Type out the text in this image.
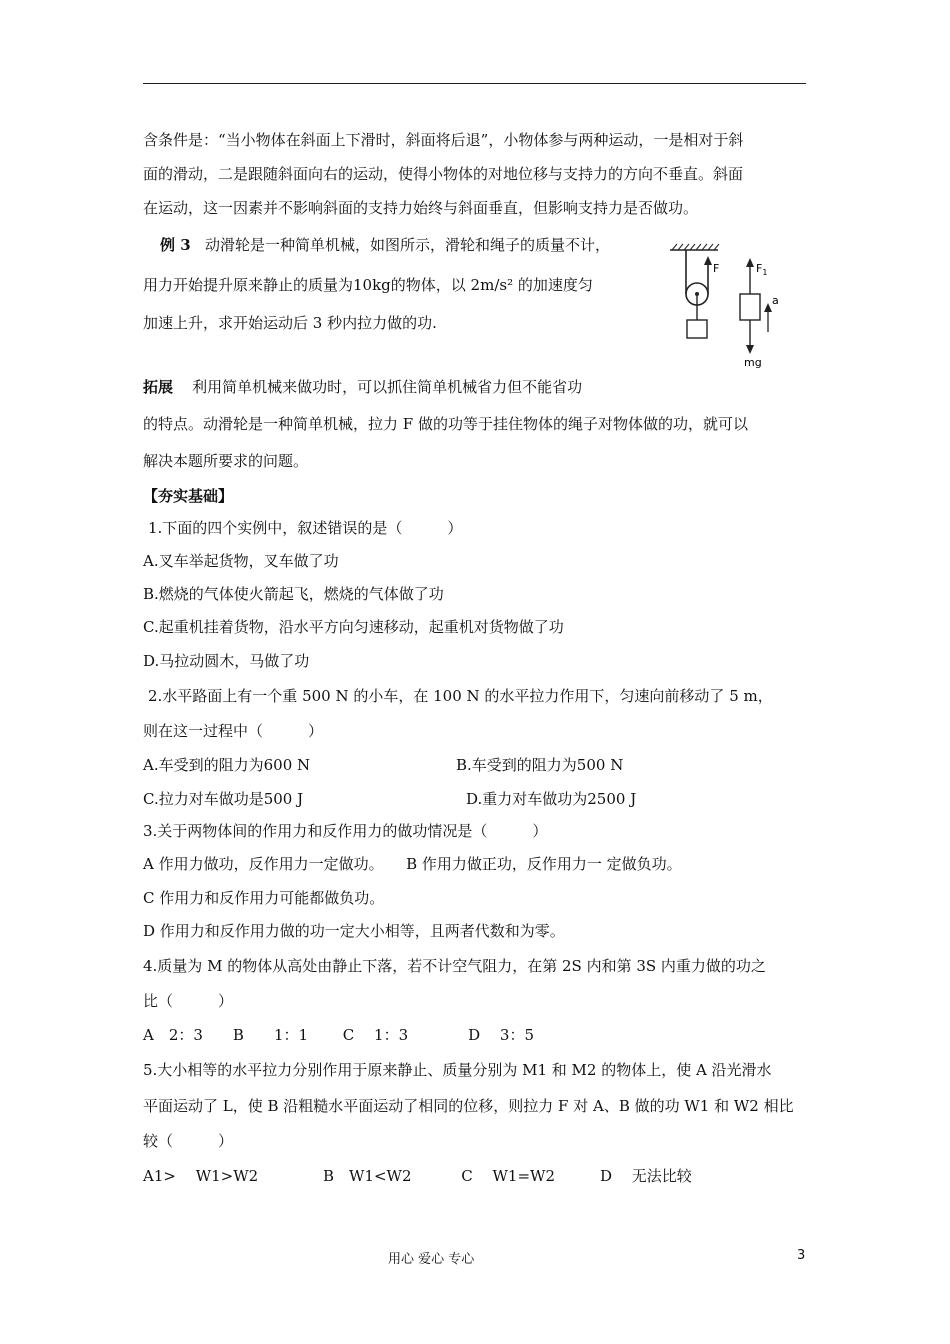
含条件是：“当小物体在斜面上下滑时，斜面将后退”，小物体参与两种运动，一是相对于斜
面的滑动，二是跟随斜面向右的运动，使得小物体的对地位移与支持力的方向不垂直。斜面
在运动，这一因素并不影响斜面的支持力始终与斜面垂直，但影响支持力是否做功。
例 3 动滑轮是一种简单机械，如图所示，滑轮和绳子的质量不计，
用力开始提升原来静止的质量为10kg的物体，以 2m/s² 的加速度匀
加速上升，求开始运动后 3 秒内拉力做的功.
F	$F_1$
a
mg
拓展 利用简单机械来做功时，可以抓住简单机械省力但不能省功
的特点。动滑轮是一种简单机械，拉力 F 做的功等于挂住物体的绳子对物体做的功，就可以
解决本题所要求的问题。
【夯实基础】
1.下面的四个实例中，叙述错误的是（　　　）
A.叉车举起货物，叉车做了功
B.燃烧的气体使火箭起飞，燃烧的气体做了功
C.起重机挂着货物，沿水平方向匀速移动，起重机对货物做了功
D.马拉动圆木，马做了功
2.水平路面上有一个重 500 N 的小车，在 100 N 的水平拉力作用下，匀速向前移动了 5 m，
则在这一过程中（　　　）
A.车受到的阻力为600 N	B.车受到的阻力为500 N
C.拉力对车做功是500 J	D.重力对车做功为2500 J
3.关于两物体间的作用力和反作用力的做功情况是（　　　）
A 作用力做功，反作用力一定做功。　　B 作用力做正功，反作用力一 定做负功。
C 作用力和反作用力可能都做负功。
D 作用力和反作用力做的功一定大小相等，且两者代数和为零。
4.质量为 M 的物体从高处由静止下落，若不计空气阻力，在第 2S 内和第 3S 内重力做的功之
比（　　　）
A　2：3　　B　　1：1　　 C　 1：3　　　　D　 3：5
5.大小相等的水平拉力分别作用于原来静止、质量分别为 M1 和 M2 的物体上，使 A 沿光滑水
平面运动了 L，使 B 沿粗糙水平面运动了相同的位移，则拉力 F 对 A、B 做的功 W1 和 W2 相比
较（　　　）
A1>　 W1>W2　　　　 B　W1<W2　　　 C　 W1=W2　　　D　 无法比较
用心 爱心 专心	3
